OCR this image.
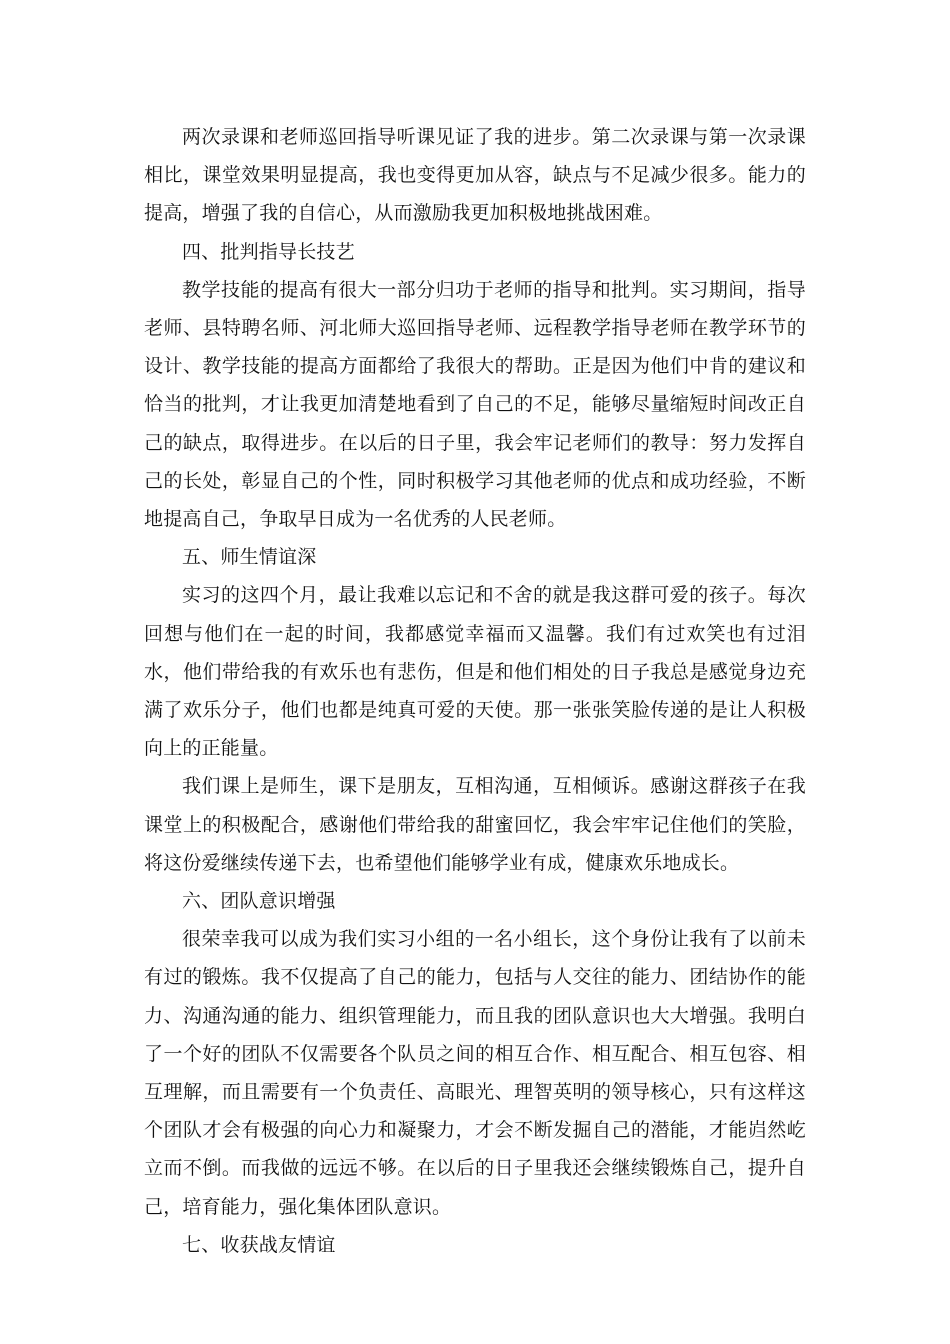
两次录课和老师巡回指导听课见证了我的进步。第二次录课与第一次录课相比，课堂效果明显提高，我也变得更加从容，缺点与不足减少很多。能力的提高，增强了我的自信心，从而激励我更加积极地挑战困难。

四、批判指导长技艺

教学技能的提高有很大一部分归功于老师的指导和批判。实习期间，指导老师、县特聘名师、河北师大巡回指导老师、远程教学指导老师在教学环节的设计、教学技能的提高方面都给了我很大的帮助。正是因为他们中肯的建议和恰当的批判，才让我更加清楚地看到了自己的不足，能够尽量缩短时间改正自己的缺点，取得进步。在以后的日子里，我会牢记老师们的教导：努力发挥自己的长处，彰显自己的个性，同时积极学习其他老师的优点和成功经验，不断地提高自己，争取早日成为一名优秀的人民老师。

五、师生情谊深

实习的这四个月，最让我难以忘记和不舍的就是我这群可爱的孩子。每次回想与他们在一起的时间，我都感觉幸福而又温馨。我们有过欢笑也有过泪水，他们带给我的有欢乐也有悲伤，但是和他们相处的日子我总是感觉身边充满了欢乐分子，他们也都是纯真可爱的天使。那一张张笑脸传递的是让人积极向上的正能量。

我们课上是师生，课下是朋友，互相沟通，互相倾诉。感谢这群孩子在我课堂上的积极配合，感谢他们带给我的甜蜜回忆，我会牢牢记住他们的笑脸，将这份爱继续传递下去，也希望他们能够学业有成，健康欢乐地成长。

六、团队意识增强

很荣幸我可以成为我们实习小组的一名小组长，这个身份让我有了以前未有过的锻炼。我不仅提高了自己的能力，包括与人交往的能力、团结协作的能力、沟通沟通的能力、组织管理能力，而且我的团队意识也大大增强。我明白了一个好的团队不仅需要各个队员之间的相互合作、相互配合、相互包容、相互理解，而且需要有一个负责任、高眼光、理智英明的领导核心，只有这样这个团队才会有极强的向心力和凝聚力，才会不断发掘自己的潜能，才能岿然屹立而不倒。而我做的远远不够。在以后的日子里我还会继续锻炼自己，提升自己，培育能力，强化集体团队意识。

七、收获战友情谊
